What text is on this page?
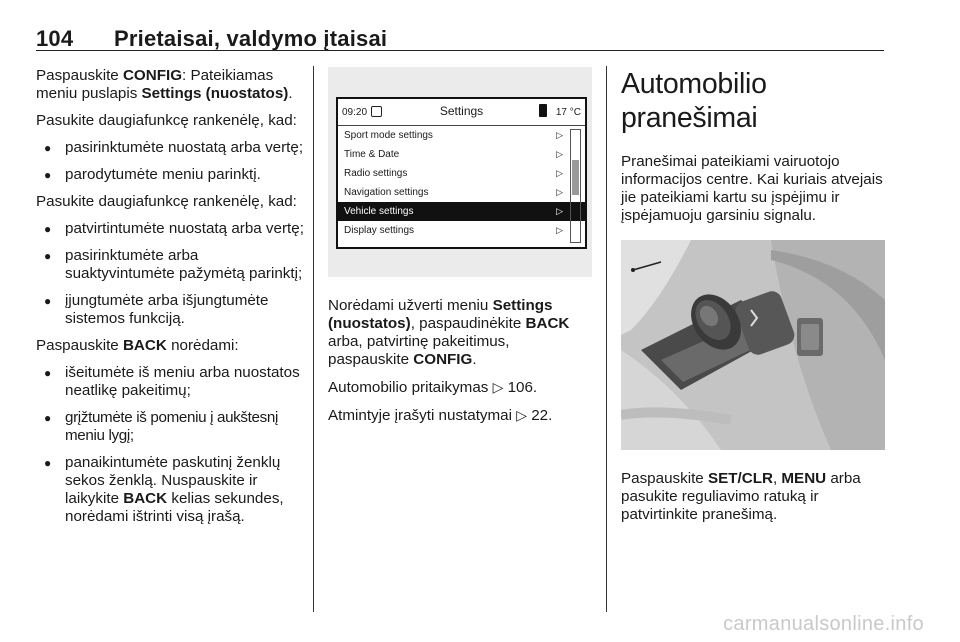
104 Prietaisai, valdymo įtaisai

Paspauskite CONFIG: Pateikiamas meniu puslapis Settings (nuostatos).

Pasukite daugiafunkcę rankenėlę, kad:

● pasirinktumėte nuostatą arba vertę;
● parodytumėte meniu parinktį.

Pasukite daugiafunkcę rankenėlę, kad:

● patvirtintumėte nuostatą arba vertę;
● pasirinktumėte arba suaktyvintumėte pažymėtą parinktį;
● įjungtumėte arba išjungtumėte sistemos funkciją.

Paspauskite BACK norėdami:

● išeitumėte iš meniu arba nuostatos neatlikę pakeitimų;
● grįžtumėte iš pomeniu į aukštesnį meniu lygį;
● panaikintumėte paskutinį ženklų sekos ženklą. Nuspauskite ir laikykite BACK kelias sekundes, norėdami ištrinti visą įrašą.
09:20	Settings	17 °C
Sport mode settings	▷
Time & Date	▷
Radio settings	▷
Navigation settings	▷
Vehicle settings	▷
Display settings	▷

Norėdami užverti meniu Settings (nuostatos), paspaudinėkite BACK arba, patvirtinę pakeitimus, paspauskite CONFIG.

Automobilio pritaikymas ▷ 106.

Atmintyje įrašyti nustatymai ▷ 22.

Automobilio pranešimai

Pranešimai pateikiami vairuotojo informacijos centre. Kai kuriais atvejais jie pateikiami kartu su įspėjimu ir įspėjamuoju garsiniu signalu.

Paspauskite SET/CLR, MENU arba pasukite reguliavimo ratuką ir patvirtinkite pranešimą.

carmanualsonline.info
